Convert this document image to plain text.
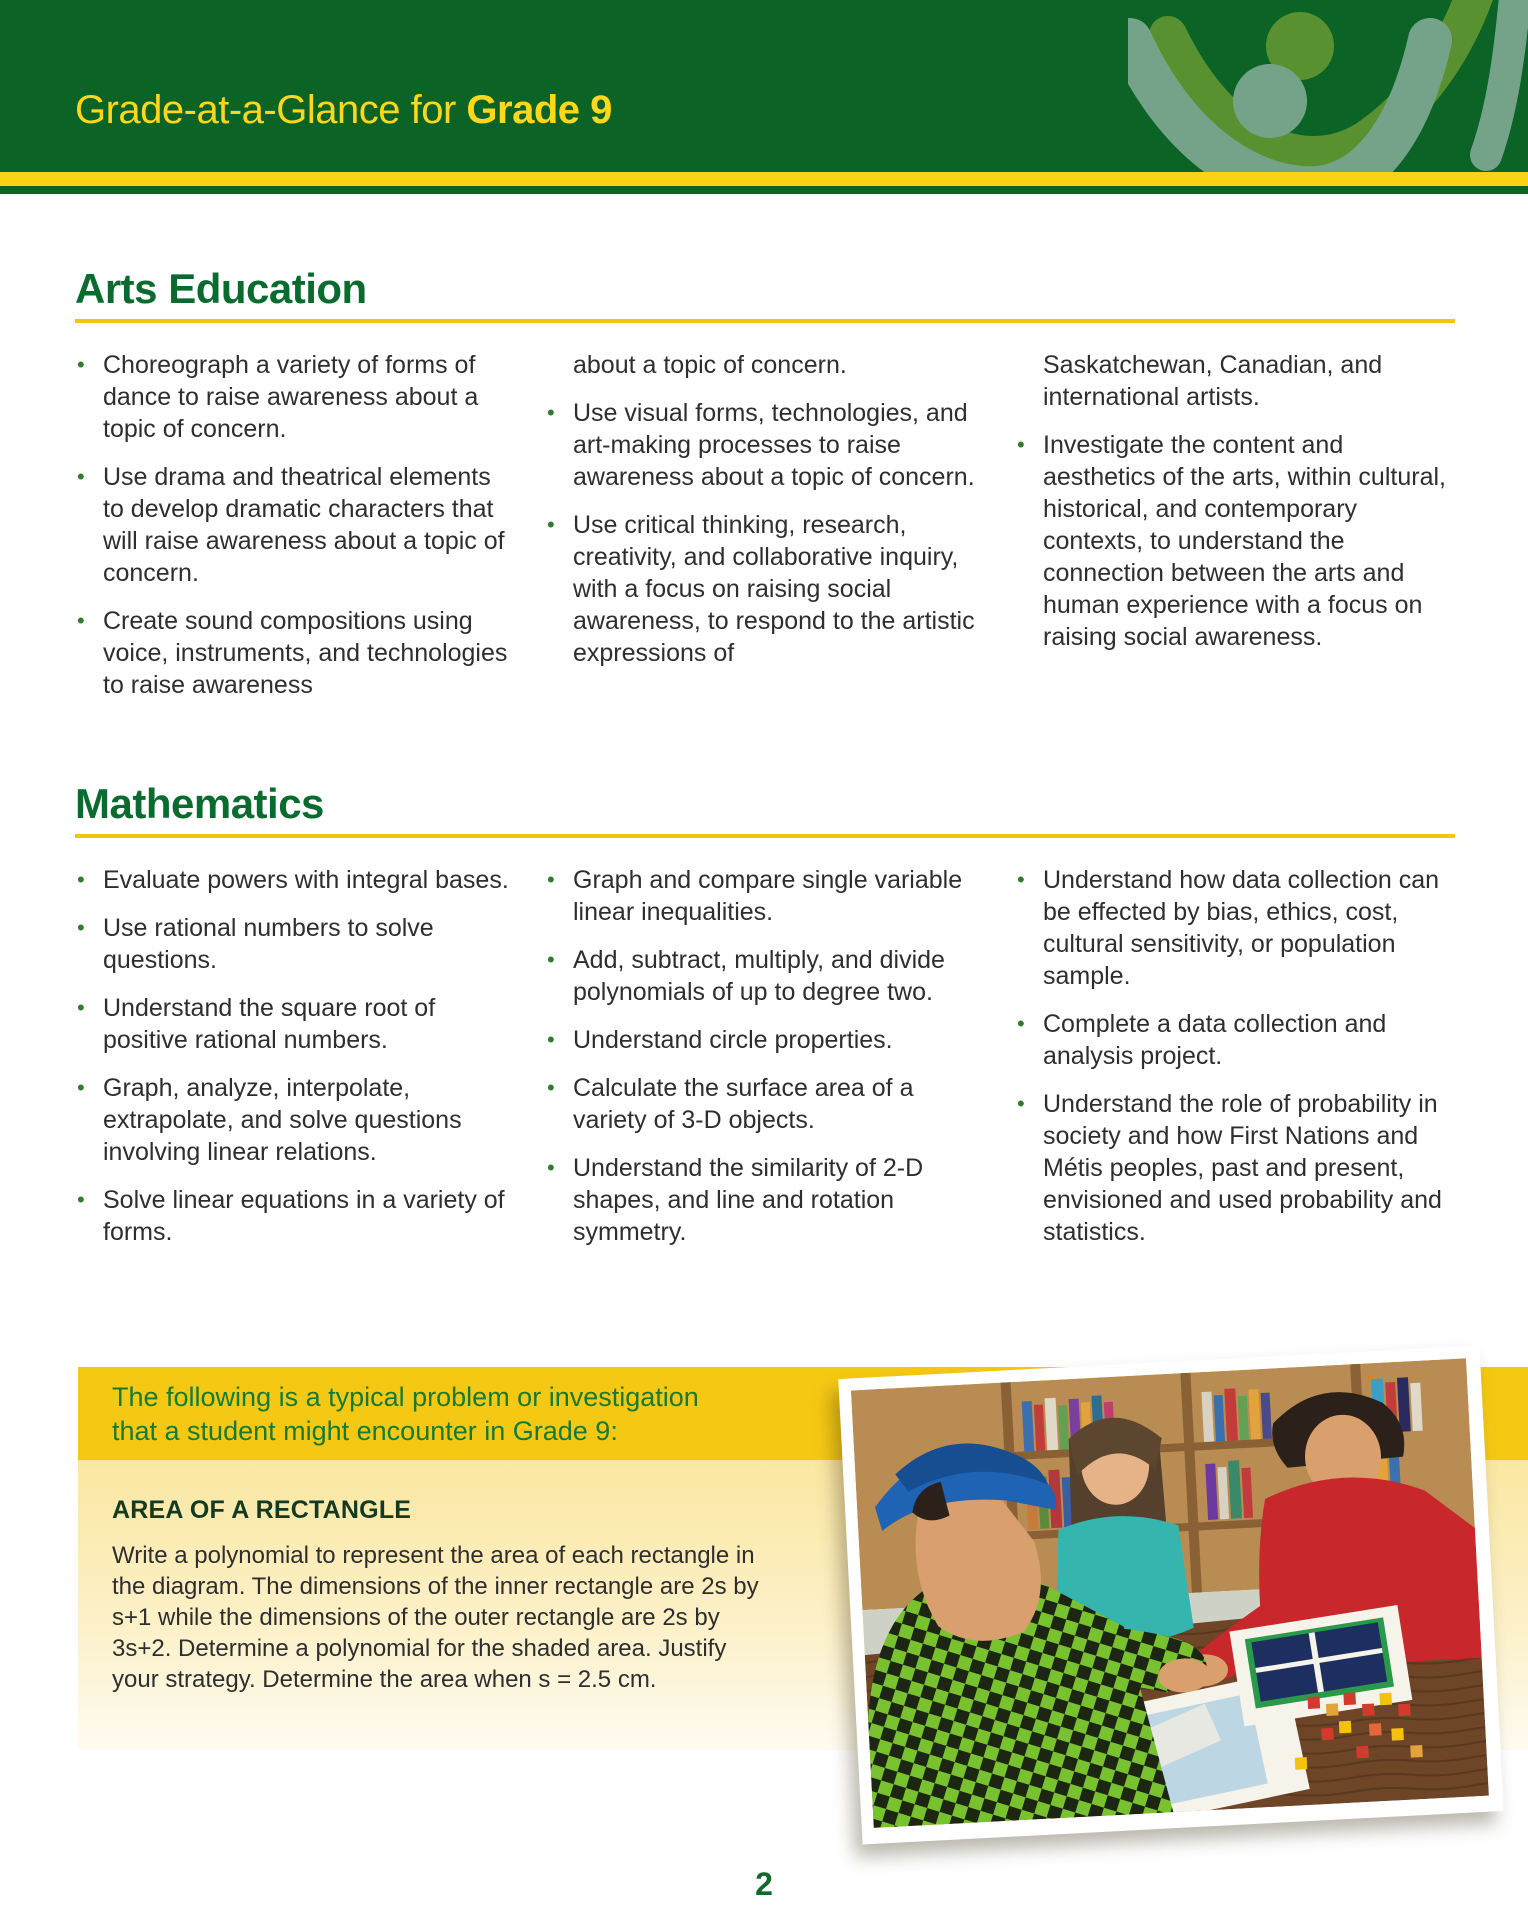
Grade-at-a-Glance for Grade 9
Arts Education
• Choreograph a variety of forms of dance to raise awareness about a topic of concern.
• Use drama and theatrical elements to develop dramatic characters that will raise awareness about a topic of concern.
• Create sound compositions using voice, instruments, and technologies to raise awareness
about a topic of concern.
• Use visual forms, technologies, and art-making processes to raise awareness about a topic of concern.
• Use critical thinking, research, creativity, and collaborative inquiry, with a focus on raising social awareness, to respond to the artistic expressions of
Saskatchewan, Canadian, and international artists.
• Investigate the content and aesthetics of the arts, within cultural, historical, and contemporary contexts, to understand the connection between the arts and human experience with a focus on raising social awareness.
Mathematics
• Evaluate powers with integral bases.
• Use rational numbers to solve questions.
• Understand the square root of positive rational numbers.
• Graph, analyze, interpolate, extrapolate, and solve questions involving linear relations.
• Solve linear equations in a variety of forms.
• Graph and compare single variable linear inequalities.
• Add, subtract, multiply, and divide polynomials of up to degree two.
• Understand circle properties.
• Calculate the surface area of a variety of 3-D objects.
• Understand the similarity of 2-D shapes, and line and rotation symmetry.
• Understand how data collection can be effected by bias, ethics, cost, cultural sensitivity, or population sample.
• Complete a data collection and analysis project.
• Understand the role of probability in society and how First Nations and Métis peoples, past and present, envisioned and used probability and statistics.
The following is a typical problem or investigation
that a student might encounter in Grade 9:
AREA OF A RECTANGLE

Write a polynomial to represent the area of each rectangle in the diagram. The dimensions of the inner rectangle are 2s by s+1 while the dimensions of the outer rectangle are 2s by 3s+2. Determine a polynomial for the shaded area. Justify your strategy. Determine the area when s = 2.5 cm.

2
